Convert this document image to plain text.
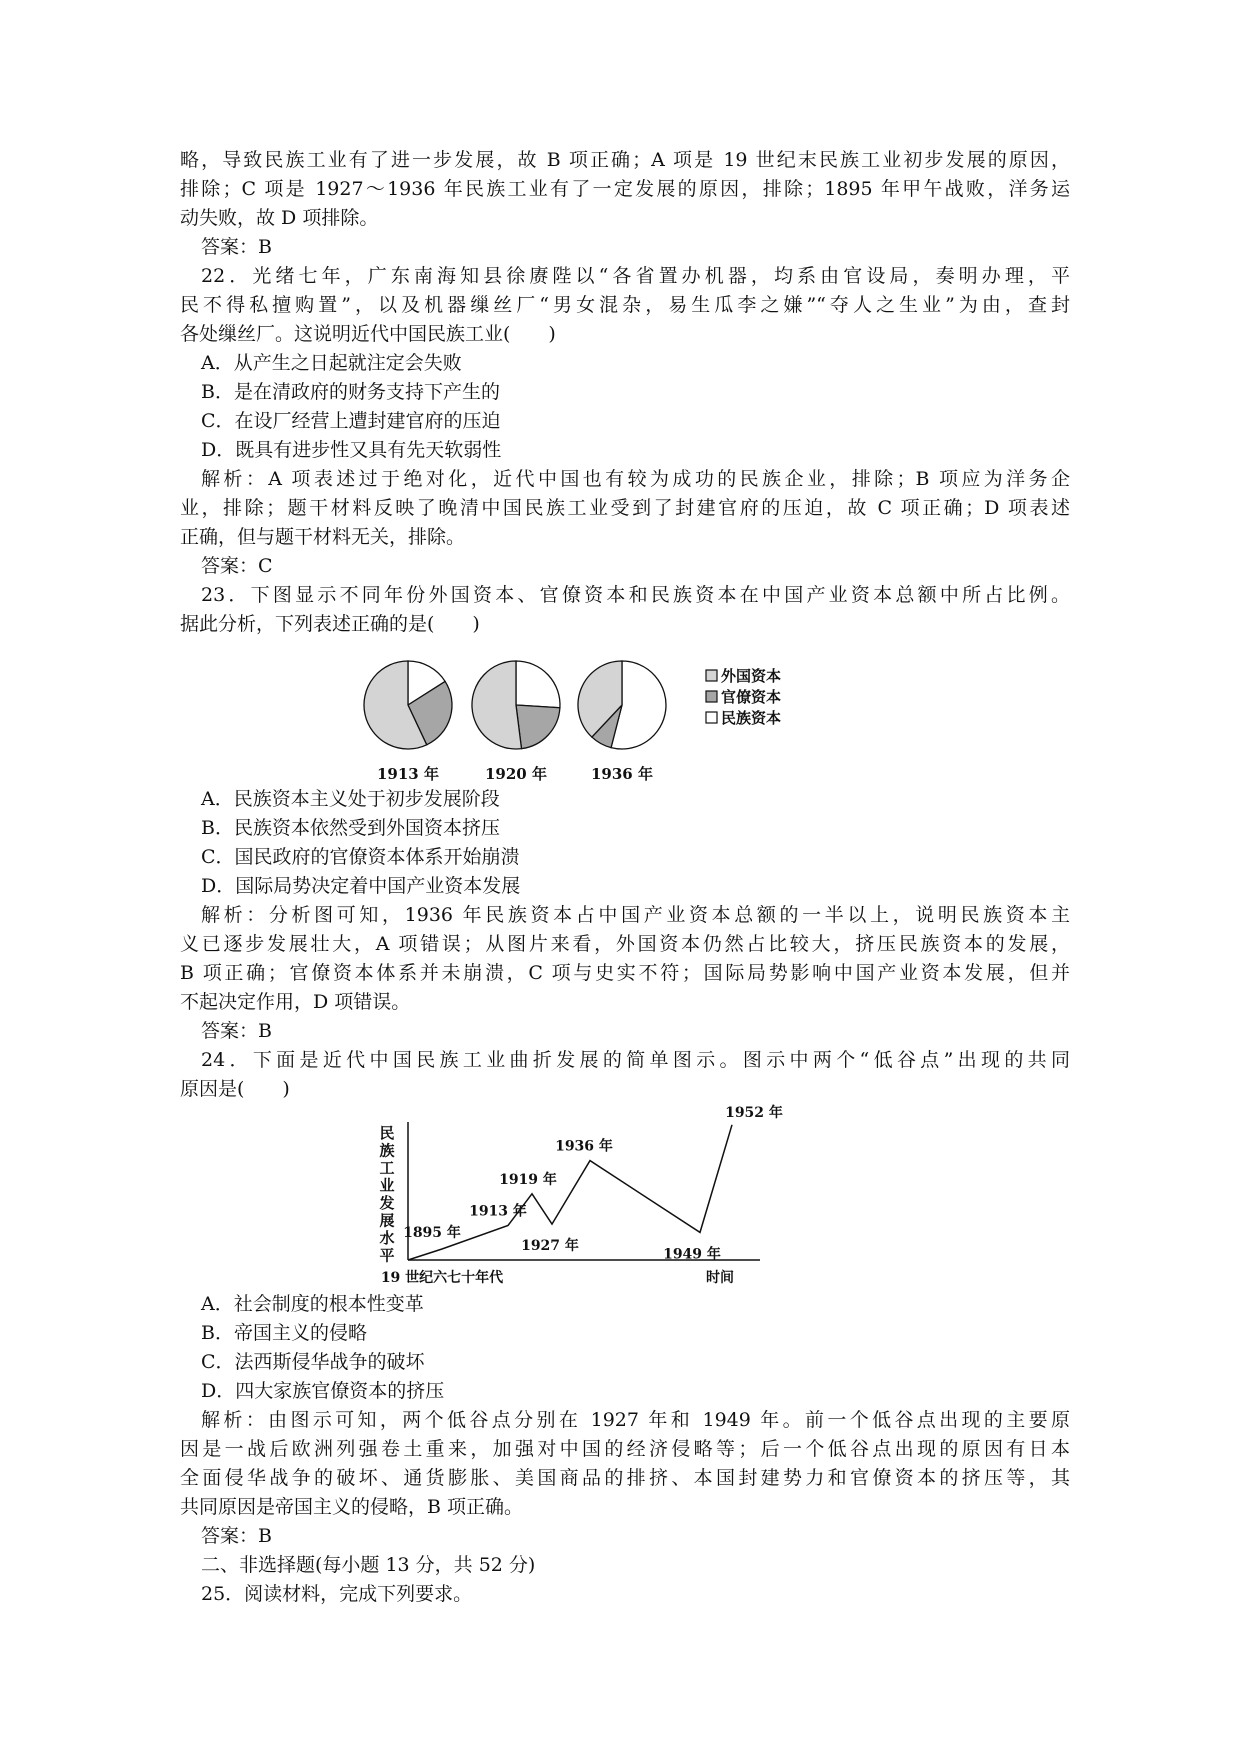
略，导致民族工业有了进一步发展，故 B 项正确；A 项是 19 世纪末民族工业初步发展的原因，
排除；C 项是 1927～1936 年民族工业有了一定发展的原因，排除；1895 年甲午战败，洋务运
动失败，故 D 项排除。
答案：B
22．光绪七年，广东南海知县徐赓陛以“各省置办机器，均系由官设局，奏明办理，平
民不得私擅购置”，以及机器缫丝厂“男女混杂，易生瓜李之嫌”“夺人之生业”为由，查封
各处缫丝厂。这说明近代中国民族工业(　　)
A．从产生之日起就注定会失败
B．是在清政府的财务支持下产生的
C．在设厂经营上遭封建官府的压迫
D．既具有进步性又具有先天软弱性
解析：A 项表述过于绝对化，近代中国也有较为成功的民族企业，排除；B 项应为洋务企
业，排除；题干材料反映了晚清中国民族工业受到了封建官府的压迫，故 C 项正确；D 项表述
正确，但与题干材料无关，排除。
答案：C
23．下图显示不同年份外国资本、官僚资本和民族资本在中国产业资本总额中所占比例。
据此分析，下列表述正确的是(　　)
1913 年	1920 年	1936 年
外国资本
官僚资本
民族资本
A．民族资本主义处于初步发展阶段
B．民族资本依然受到外国资本挤压
C．国民政府的官僚资本体系开始崩溃
D．国际局势决定着中国产业资本发展
解析：分析图可知，1936 年民族资本占中国产业资本总额的一半以上，说明民族资本主
义已逐步发展壮大，A 项错误；从图片来看，外国资本仍然占比较大，挤压民族资本的发展，
B 项正确；官僚资本体系并未崩溃，C 项与史实不符；国际局势影响中国产业资本发展，但并
不起决定作用，D 项错误。
答案：B
24．下面是近代中国民族工业曲折发展的简单图示。图示中两个“低谷点”出现的共同
原因是(　　)
1895 年
1913 年
1919 年
1927 年
1936 年
1949 年
1952 年
民
族
工
业
发
展
水
平
19 世纪六七十年代	时间
A．社会制度的根本性变革
B．帝国主义的侵略
C．法西斯侵华战争的破坏
D．四大家族官僚资本的挤压
解析：由图示可知，两个低谷点分别在 1927 年和 1949 年。前一个低谷点出现的主要原
因是一战后欧洲列强卷土重来，加强对中国的经济侵略等；后一个低谷点出现的原因有日本
全面侵华战争的破坏、通货膨胀、美国商品的排挤、本国封建势力和官僚资本的挤压等，其
共同原因是帝国主义的侵略，B 项正确。
答案：B
二、非选择题(每小题 13 分，共 52 分)
25．阅读材料，完成下列要求。
